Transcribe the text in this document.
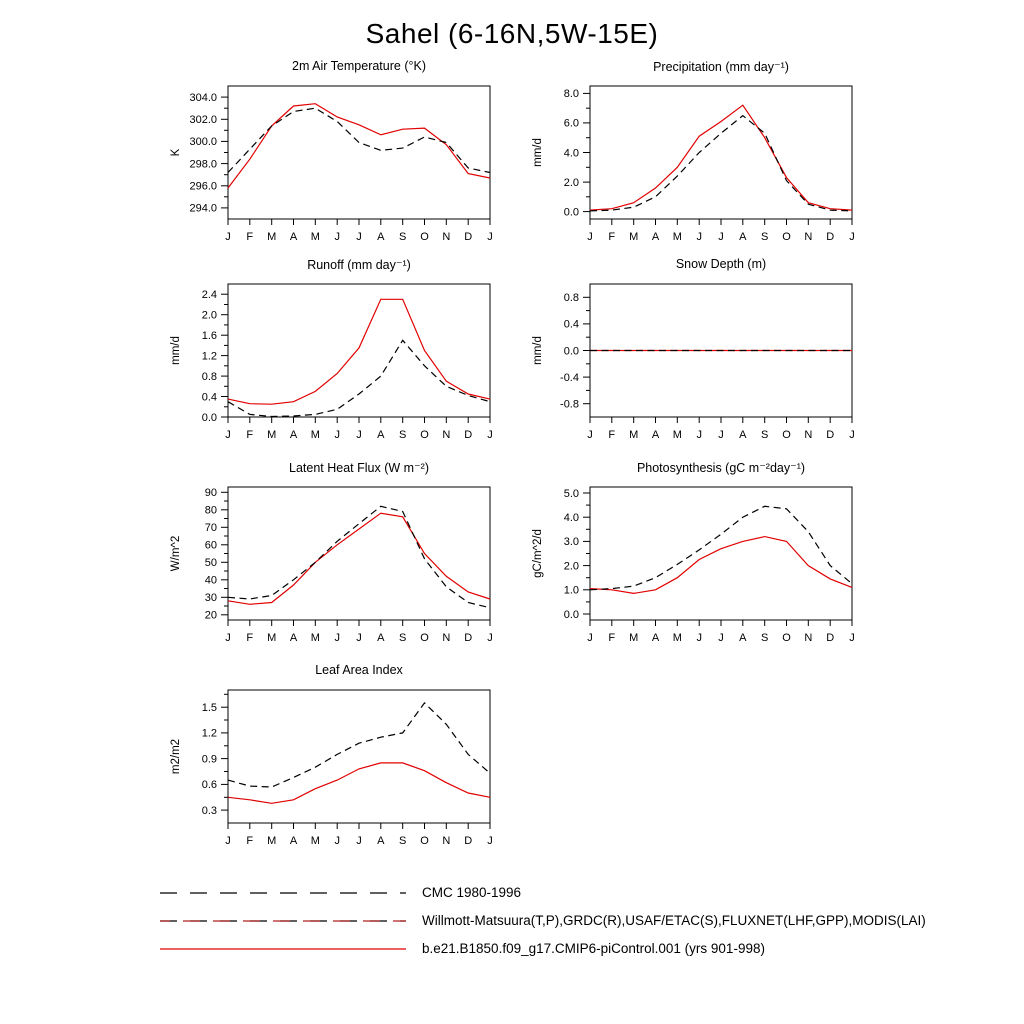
Sahel (6-16N,5W-15E)
2m Air Temperature (°K)
294.0
296.0
298.0
300.0
302.0
304.0
K
J F M A M J J A S O N D J
Precipitation (mm day⁻¹)
0.0
2.0
4.0
6.0
8.0
mm/d
J F M A M J J A S O N D J
Runoff (mm day⁻¹)
0.0
0.4
0.8
1.2
1.6
2.0
2.4
mm/d
J F M A M J J A S O N D J
Snow Depth (m)
-0.8
-0.4
0.0
0.4
0.8
mm/d
J F M A M J J A S O N D J
Latent Heat Flux (W m⁻²)
20
30
40
50
60
70
80
90
W/m^2
J F M A M J J A S O N D J
Photosynthesis (gC m⁻²day⁻¹)
0.0
1.0
2.0
3.0
4.0
5.0
gC/m^2/d
J F M A M J J A S O N D J
Leaf Area Index
0.3
0.6
0.9
1.2
1.5
m2/m2
J F M A M J J A S O N D J
CMC 1980-1996
Willmott-Matsuura(T,P),GRDC(R),USAF/ETAC(S),FLUXNET(LHF,GPP),MODIS(LAI)
b.e21.B1850.f09_g17.CMIP6-piControl.001 (yrs 901-998)
